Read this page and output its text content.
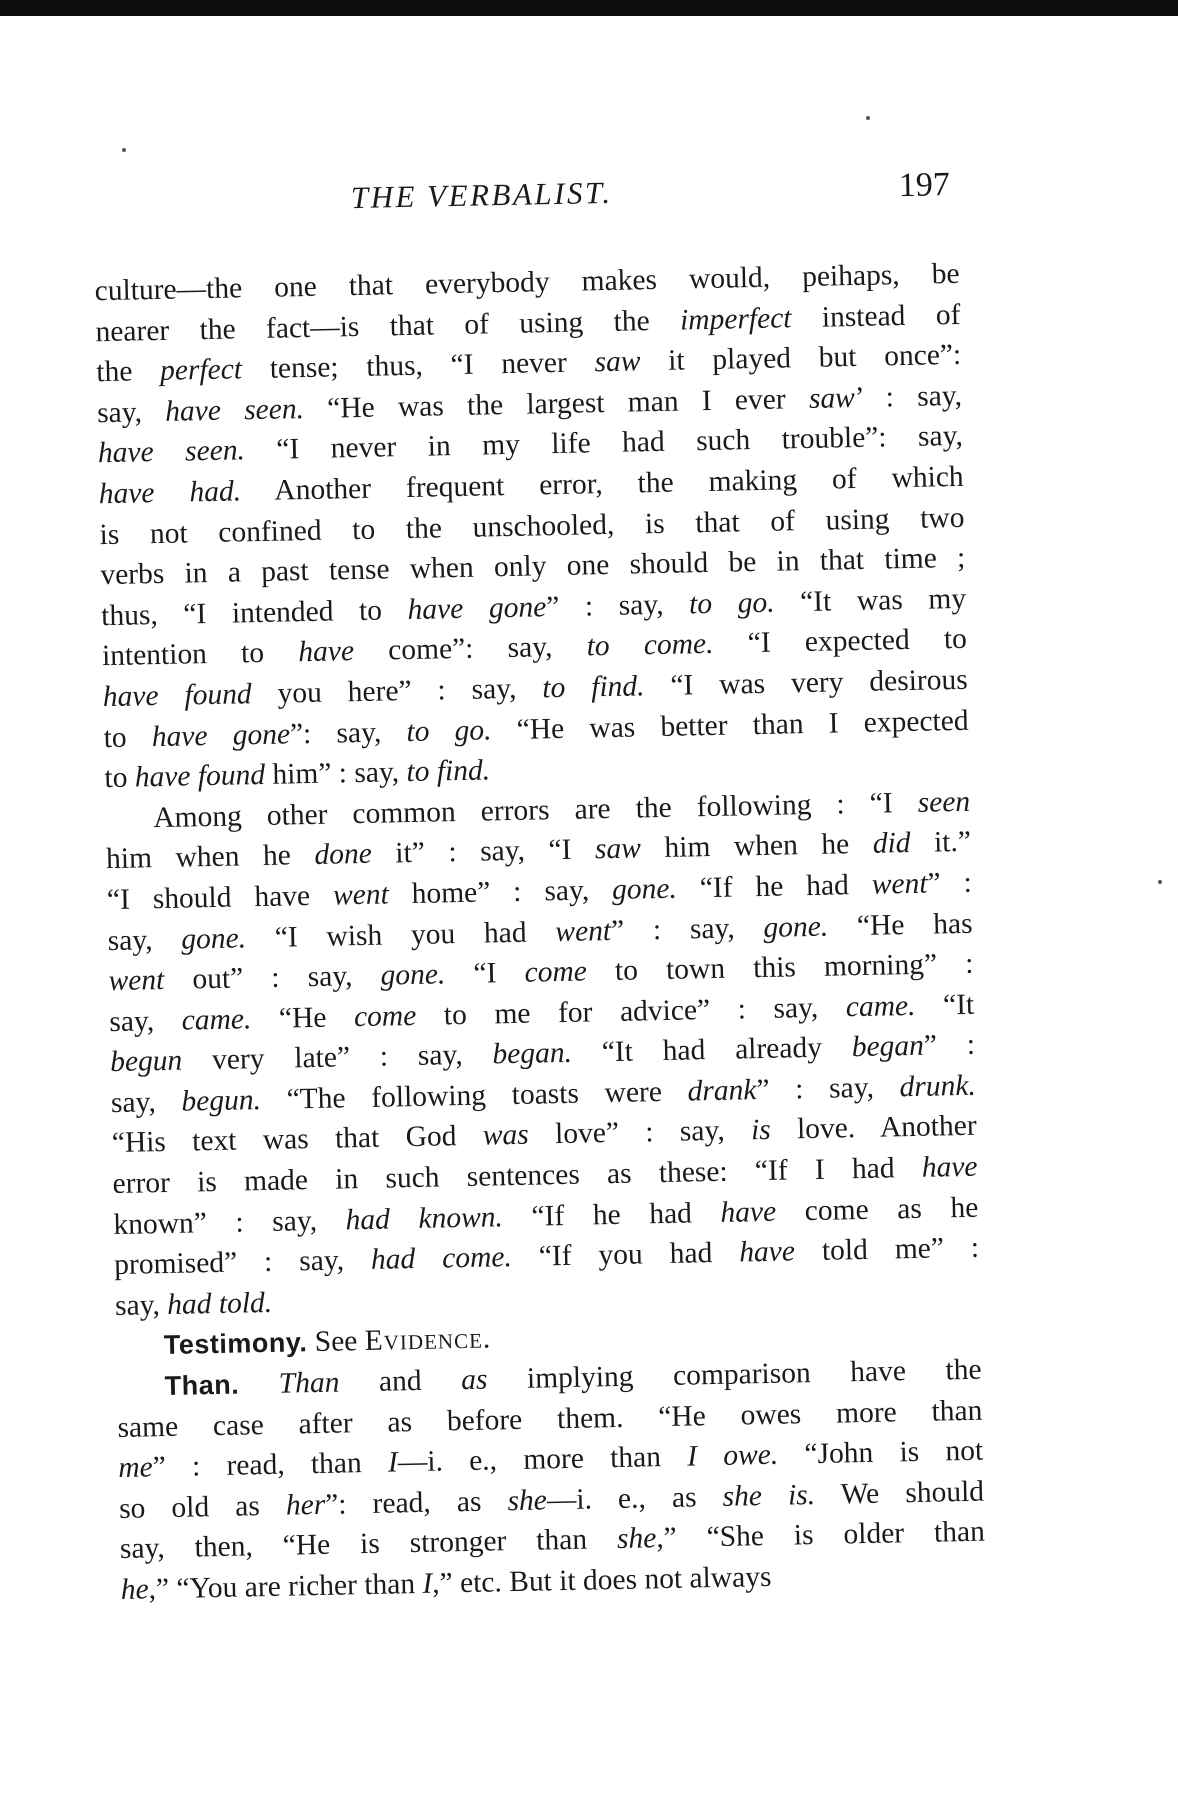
THE VERBALIST.	197

culture—the one that everybody makes would, peihaps, be
nearer the fact—is that of using the imperfect instead of
the perfect tense; thus, “I never saw it played but once”:
say, have seen. “He was the largest man I ever saw’ : say,
have seen. “I never in my life had such trouble”: say,
have had. Another frequent error, the making of which
is not confined to the unschooled, is that of using two
verbs in a past tense when only one should be in that time ;
thus, “I intended to have gone” : say, to go. “It was my
intention to have come”: say, to come. “I expected to
have found you here” : say, to find. “I was very desirous
to have gone”: say, to go. “He was better than I expected
to have found him” : say, to find.

Among other common errors are the following : “I seen
him when he done it” : say, “I saw him when he did it.”
“I should have went home” : say, gone. “If he had went” :
say, gone. “I wish you had went” : say, gone. “He has
went out” : say, gone. “I come to town this morning” :
say, came. “He come to me for advice” : say, came. “It
begun very late” : say, began. “It had already began” :
say, begun. “The following toasts were drank” : say, drunk.
“His text was that God was love” : say, is love. Another
error is made in such sentences as these: “If I had have
known” : say, had known. “If he had have come as he
promised” : say, had come. “If you had have told me” :
say, had told.

Testimony. See Evidence.

Than. Than and as implying comparison have the
same case after as before them. “He owes more than
me” : read, than I—i. e., more than I owe. “John is not
so old as her”: read, as she—i. e., as she is. We should
say, then, “He is stronger than she,” “She is older than
he,” “You are richer than I,” etc. But it does not always
